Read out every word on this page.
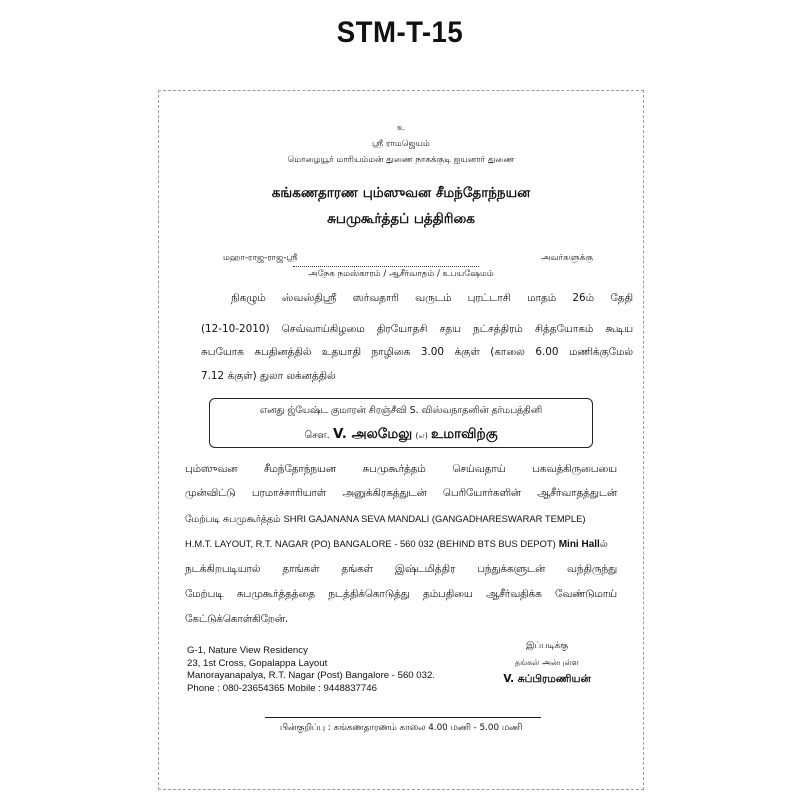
STM-T-15
உ
ஸ்ரீ ராமஜெயம்
மொழையூர் மாரியம்மன் துணை நாகக்குடி ஐயனார் துணை
கங்கணதாரண பும்ஸுவன சீமந்தோந்நயன
சுபமுகூர்த்தப் பத்திரிகை
மஹா-ராஜ-ராஜ-ஸ்ரீ	அவர்களுக்கு
அநேக நமஸ்காரம் / ஆசீர்வாதம் / உபயஷேமம்
நிகழும் ஸ்வஸ்திஸ்ரீ ஸர்வதாரி வருடம் புரட்டாசி மாதம் 26ம் தேதி
(12-10-2010) செவ்வாய்கிழமை திரயோதசி சதய நட்சத்திரம் சித்தயோகம் கூடிய
சுபயோக சுபதினத்தில் உதயாதி நாழிகை 3.00 க்குள் (காலை 6.00 மணிக்குமேல்
7.12 க்குள்) துலா லக்னத்தில்
எனது ஜ்யேஷ்ட குமாரன் சிரஞ்சீவி S. விஸ்வநாதனின் தர்மபத்தினி
சௌ. V. அலமேலு (எ) உமாவிற்கு
பும்ஸுவன சீமந்தோந்நயன சுபமுகூர்த்தம் செய்வதாய் பகவத்கிருபையை
முன்விட்டு பரமாச்சாரியாள் அனுக்கிரகத்துடன் பெரியோர்களின் ஆசீர்வாதத்துடன்
மேற்படி சுபமுகூர்த்தம் SHRI GAJANANA SEVA MANDALI (GANGADHARESWARAR TEMPLE)
H.M.T. LAYOUT, R.T. NAGAR (PO) BANGALORE - 560 032 (BEHIND BTS BUS DEPOT) Mini Hallல்
நடக்கிறபடியால் தாங்கள் தங்கள் இஷ்டமித்திர பந்துக்களுடன் வந்திருந்து
மேற்படி சுபமுகூர்த்தத்தை நடத்திக்கொடுத்து தம்பதியை ஆசீர்வதிக்க வேண்டுமாய்
கேட்டுக்கொள்கிறேன்.
G-1, Nature View Residency
23, 1st Cross, Gopalappa Layout
Manorayanapalya, R.T. Nagar (Post) Bangalore - 560 032.
Phone : 080-23654365 Mobile : 9448837746
இப்படிக்கு
தங்கள் அன்புள்ள
V. சுப்பிரமணியன்
பின்குறிப்பு : கங்கணதாரணம் காலை 4.00 மணி - 5.00 மணி
